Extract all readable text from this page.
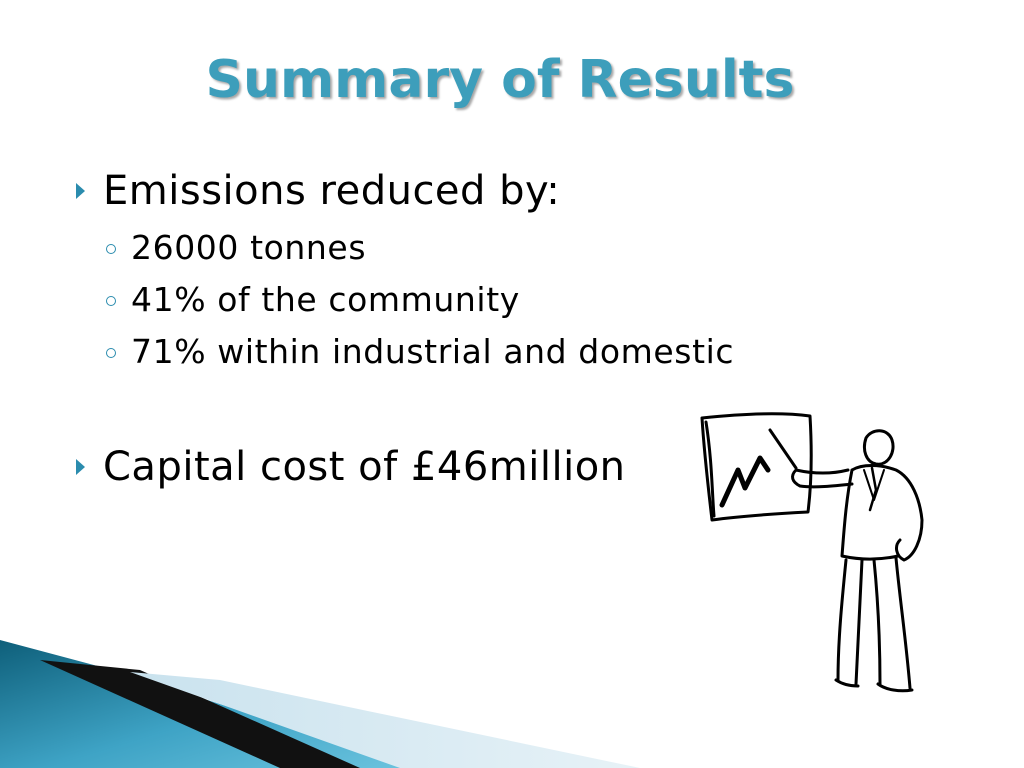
Summary of Results
Emissions reduced by:
26000 tonnes
41% of the community
71% within industrial and domestic
Capital cost of £46million
